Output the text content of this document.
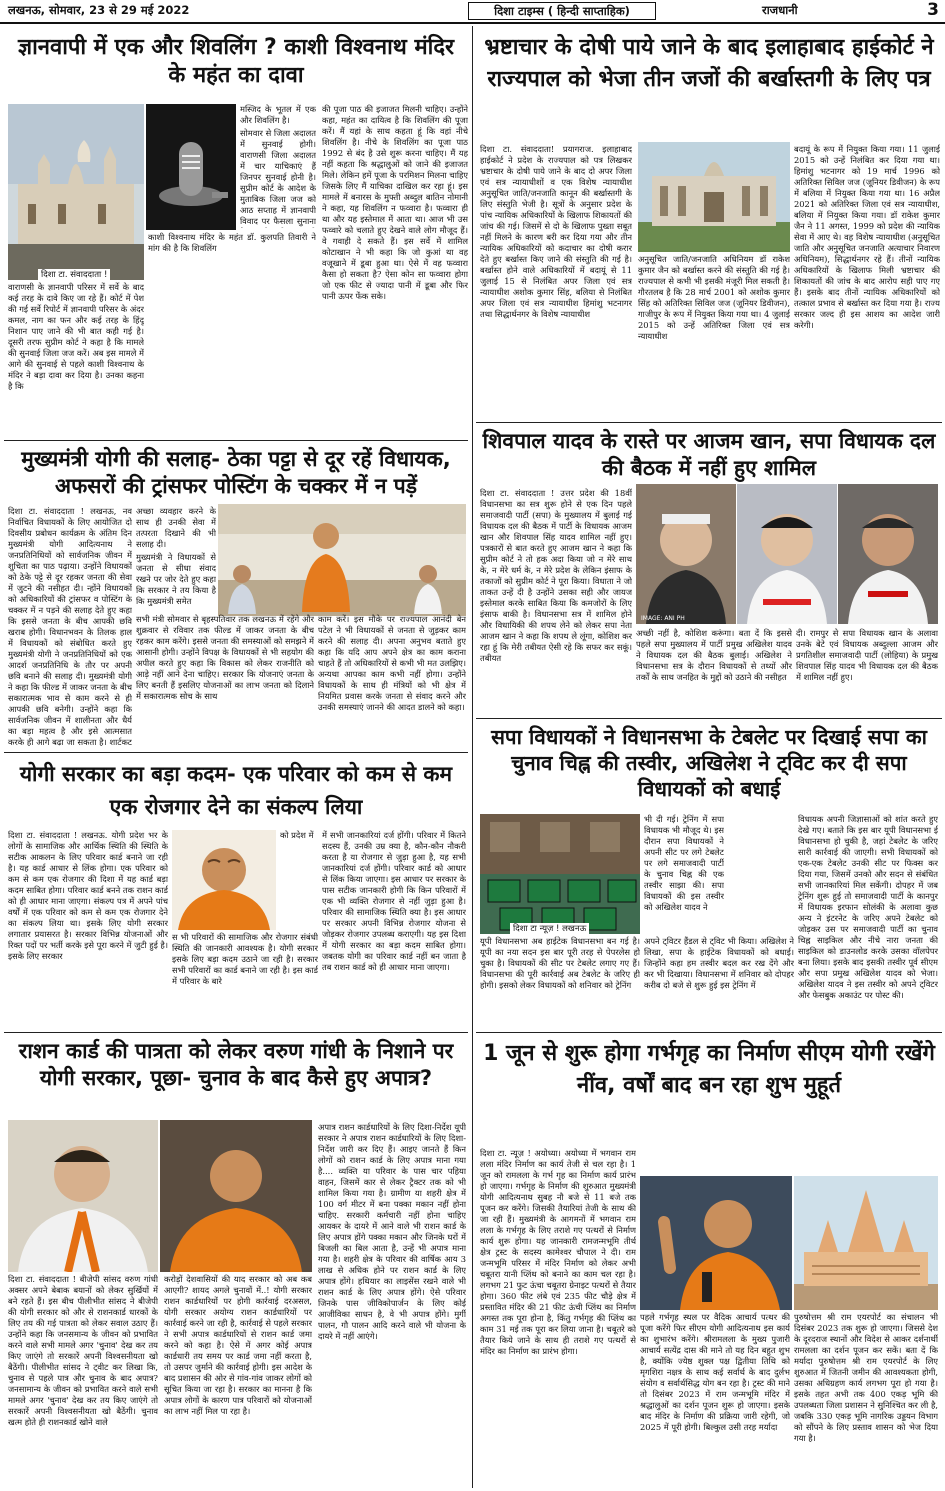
लखनऊ, सोमवार, 23 से 29 मई 2022	दिशा टाइम्स ( हिन्दी साप्ताहिक)	राजधानी	3
ज्ञानवापी में एक और शिवलिंग ? काशी विश्वनाथ मंदिर के महंत का दावा
दिशा टा. संवाददाता !
वाराणसी के ज्ञानवापी परिसर में सर्वे के बाद कई तरह के दावे किए जा रहे हैं। कोर्ट में पेश की गई सर्वे रिपोर्ट में ज्ञानवापी परिसर के अंदर कमल, नाग का फन और कई तरह के हिंदू निशान पाए जाने की भी बात कही गई है। दूसरी तरफ सुप्रीम कोर्ट ने कहा है कि मामले की सुनवाई जिला जज करें। अब इस मामले में आगे की सुनवाई से पहले काशी विश्वनाथ के मंदिर ने बड़ा दावा कर दिया है। उनका कहना है कि

मस्जिद के भूतल में एक और शिवलिंग है।

सोमवार से जिला अदालत में सुनवाई होगी। वाराणसी जिला अदालत में चार याचिकाएं हैं जिनपर सुनवाई होनी है। सुप्रीम कोर्ट के आदेश के मुताबिक जिला जज को आठ सप्ताह में ज्ञानवापी विवाद पर फैसला सुनाना

काशी विश्वनाथ मंदिर के महंत डॉ. कुलपति तिवारी ने मांग की है कि शिवलिंग

की पूजा पाठ की इजाजत मिलनी चाहिए। उन्होंने कहा, महंत का दायित्व है कि शिवलिंग की पूजा करें। मैं यहां के साथ कहता हूं कि वहां नीचे शिवलिंग है। नीचे के शिवलिंग का पूजा पाठ 1992 से बंद है उसे शुरू करना चाहिए। मैं यह नहीं कहता कि श्रद्धालुओं को जाने की इजाजत मिले। लेकिन हमें पूजा के परमिशन मिलना चाहिए जिसके लिए मैं याचिका दाखिल कर रहा हूं। इस मामले में बनारस के मुफ्ती अब्दुल बातिन नोमानी ने कहा, यह शिवलिंग न फव्वारा है। फव्वारा ही था और यह इस्तेमाल में आता था। आज भी उस फव्वारे को चलाते हुए देखने वाले लोग मौजूद हैं। वे गवाही दे सकते हैं। इस सर्वे में शामिल कोटाखान ने भी कहा कि जो कुआं था वह वजूखाने में डूबा हुआ था। ऐसे में वह फव्वारा कैसा हो सकता है? ऐसा कोन सा फव्वारा होगा जो एक फीट से ज्यादा पानी में डूबा और फिर पानी ऊपर फेंक सके।
भ्रष्टाचार के दोषी पाये जाने के बाद इलाहाबाद हाईकोर्ट ने राज्यपाल को भेजा तीन जजों की बर्खास्तगी के लिए पत्र
दिशा टा. संवाददाता! प्रयागराज. इलाहाबाद हाईकोर्ट ने प्रदेश के राज्यपाल को पत्र लिखकर भ्रष्टाचार के दोषी पाये जाने के बाद दो अपर जिला एवं सत्र न्यायाधीशों व एक विशेष न्यायाधीश अनुसूचित जाति/जनजाति कानून की बर्खास्तगी के लिए संस्तुति भेजी है। सूत्रों के अनुसार प्रदेश के पांच न्यायिक अधिकारियों के खिलाफ शिकायतों की जांच की गई। जिसमें से दो के खिलाफ पुख्ता सबूत नहीं मिलने के कारण बरी कर दिया गया और तीन न्यायिक अधिकारियों को कदाचार का दोषी करार देते हुए बर्खास्त किए जाने की संस्तुति की गई है। बर्खास्त होने वाले अधिकारियों में बदायूं से 11 जुलाई 15 से निलंबित अपर जिला एवं सत्र न्यायाधीश अशोक कुमार सिंह, बलिया से निलंबित अपर जिला एवं सत्र न्यायाधीश हिमांशु भटनागर तथा सिद्धार्थनगर के विशेष न्यायाधीश
अनुसूचित जाति/जनजाति अधिनियम डॉ राकेश कुमार जैन को बर्खास्त करने की संस्तुति की गई है। राज्यपाल से कभी भी इसकी मंजूरी मिल सकती है। गौरतलब है कि 28 मार्च 2001 को अशोक कुमार सिंह को अतिरिक्त सिविल जज (जूनियर डिवीजन), गाजीपुर के रूप में नियुक्त किया गया था। 4 जुलाई 2015 को उन्हें अतिरिक्त जिला एवं सत्र न्यायाधीश
बदायूं के रूप में नियुक्त किया गया। 11 जुलाई 2015 को उन्हें निलंबित कर दिया गया था। हिमांशु भटनागर को 19 मार्च 1996 को अतिरिक्त सिविल जज (जूनियर डिवीजन) के रूप में बलिया में नियुक्त किया गया था। 16 अप्रैल 2021 को अतिरिक्त जिला एवं सत्र न्यायाधीश, बलिया में नियुक्त किया गया। डॉ राकेश कुमार जैन ने 11 अगस्त, 1999 को प्रदेश की न्यायिक सेवा में आए थे। वह विशेष न्यायाधीश (अनुसूचित जाति और अनुसूचित जनजाति अत्याचार निवारण अधिनियम), सिद्धार्थनगर रहे हैं। तीनों न्यायिक अधिकारियों के खिलाफ मिली भ्रष्टाचार की शिकायतों की जांच के बाद आरोप सही पाए गए हैं। इसके बाद तीनों न्यायिक अधिकारियों को तत्काल प्रभाव से बर्खास्त कर दिया गया है। राज्य सरकार जल्द ही इस आशय का आदेश जारी करेगी।
मुख्यमंत्री योगी की सलाह- ठेका पट्टा से दूर रहें विधायक, अफसरों की ट्रांसफर पोस्टिंग के चक्कर में न पड़ें
दिशा टा. संवाददाता ! लखनऊ, नव निर्वाचित विधायकों के लिए आयोजित दो दिवसीय प्रबोधन कार्यक्रम के अंतिम दिन मुख्यमंत्री योगी आदित्यनाथ ने जनप्रतिनिधियों को सार्वजनिक जीवन में शुचिता का पाठ पढ़ाया। उन्होंने विधायकों को ठेके पट्टे से दूर रहकर जनता की सेवा में जुटने की नसीहत दी। न्होंने विधायकों को अधिकारियों की ट्रांसफर व पोस्टिंग के चक्कर में न पड़ने की सलाह देते हुए कहा कि इससे जनता के बीच आपकी छवि खराब होगी। विधानभवन के तिलक हाल में विधायकों को संबोधित करते हुए मुख्यमंत्री योगी ने जनप्रतिनिधियों को एक आदर्श जनप्रतिनिधि के तौर पर अपनी छवि बनाने की सलाह दी। मुख्यमंत्री योगी ने कहा कि फील्ड में जाकर जनता के बीच सकारात्मक भाव से काम करने से ही आपकी छवि बनेगी। उन्होंने कहा कि सार्वजनिक जीवन में शालीनता और धैर्य का बड़ा महत्व है और इसे आत्मसात करके ही आगे बढ़ा जा सकता है। शार्टकट

अच्छा व्यवहार करने के साथ ही उनकी सेवा में तत्परता दिखाने की भी सलाह दी।

मुख्यमंत्री ने विधायकों से जनता से सीधा संवाद रखने पर जोर देते हुए कहा कि सरकार ने तय किया है कि मुख्यमंत्री समेत

सभी मंत्री सोमवार से बृहस्पतिवार तक लखनऊ में रहेंगे और शुक्रवार से रविवार तक फील्ड में जाकर जनता के बीच रहकर काम करेंगे। इससे जनता की समस्याओं को समझने में आसानी होगी। उन्होंने विपक्ष के विधायकों से भी सहयोग की अपील करते हुए कहा कि विकास को लेकर राजनीति को आड़े नहीं आने देना चाहिए। सरकार कि योजनाएं जनता के लिए बनती हैं इसलिए योजनाओं का लाभ जनता को दिलाने में सकारात्मक सोच के साथ
काम करें। इस मौके पर राज्यपाल आनंदी बेन पटेल ने भी विधायकों से जनता से जुड़कर काम करने की सलाह दी। अपना अनुभव बताते हुए कहा कि यदि आप अपने क्षेत्र का काम कराना चाहते हैं तो अधिकारियों से कभी भी मत उलझिए। अन्यथा आपका काम कभी नहीं होगा। उन्होंने विधायकों के साथ ही मंत्रियों को भी क्षेत्र में नियमित प्रवास करके जनता से संवाद करने और उनकी समस्याएं जानने की आदत डालने को कहा।
शिवपाल यादव के रास्ते पर आजम खान, सपा विधायक दल की बैठक में नहीं हुए शामिल
दिशा टा. संवाददाता ! उत्तर प्रदेश की 18वीं विधानसभा का सत्र शुरू होने से एक दिन पहले समाजवादी पार्टी (सपा) के मुख्यालय में बुलाई गई विधायक दल की बैठक में पार्टी के विधायक आजम खान और शिवपाल सिंह यादव शामिल नहीं हुए। पत्रकारों से बात करते हुए आजम खान ने कहा कि सुप्रीम कोर्ट ने तो हक अदा किया जो न मेरे साथ के, न मेरे धर्म के, न मेरे प्रदेश के लेकिन इंसाफ के तकाजों को सुप्रीम कोर्ट ने पूरा किया। विधाता ने जो ताकत उन्हें दी है उन्होंने उसका सही और जायज इस्तेमाल करके साबित किया कि कमजोरों के लिए इंसाफ बाकी है। विधानसभा सत्र में शामिल होने और विधायिकी की शपथ लेने को लेकर सपा नेता आजम खान ने कहा कि शपथ ले लूंगा, कोशिश कर रहा हूं कि मेरी तबीयत ऐसी रहे कि सफर कर सकूं। तबीयत
IMAGE: ANI PH
अच्छी नहीं है, कोशिश करूंगा। बता दें कि इससे पहले सपा मुख्यालय में पार्टी प्रमुख अखिलेश यादव ने विधायक दल की बैठक बुलाई। अखिलेश ने विधानसभा सत्र के दौरान विधायकों से तथ्यों और तर्कों के साथ जनहित के मुद्दों को उठाने की नसीहत
दी। रामपुर से सपा विधायक खान के अलावा उनके बेटे एवं विधायक अब्दुल्ला आजम और प्रगतिशील समाजवादी पार्टी (लोहिया) के प्रमुख शिवपाल सिंह यादव भी विधायक दल की बैठक में शामिल नहीं हुए।
योगी सरकार का बड़ा कदम- एक परिवार को कम से कम एक रोजगार देने का संकल्प लिया
दिशा टा. संवाददाता ! लखनऊ. योगी प्रदेश भर के लोगों के सामाजिक और आर्थिक स्थिति की स्थिति के सटीक आकलन के लिए परिवार कार्ड बनाने जा रही है। यह कार्ड आधार से लिंक होगा। एक परिवार को कम से कम एक रोजगार की दिशा में यह कार्ड बड़ा कदम साबित होगा। परिवार कार्ड बनने तक राशन कार्ड को ही आधार माना जाएगा। संकल्प पत्र में अपने पांच वर्षों में एक परिवार को कम से कम एक रोजगार देने का संकल्प लिया था। इसके लिए योगी सरकार लगातार प्रयासरत है। सरकार विभिन्न योजनाओं और रिक्त पदों पर भर्ती करके इसे पूरा करने में जुटी हुई है। इसके लिए सरकार
को प्रदेश में
स भी परिवारों की सामाजिक और रोजगार संबंधी स्थिति की जानकारी आवश्यक है। योगी सरकार इसके लिए बड़ा कदम उठाने जा रही है। सरकार सभी परिवारों का कार्ड बनाने जा रही है। इस कार्ड में परिवार के बारे
में सभी जानकारियां दर्ज होंगी। परिवार में कितने सदस्य हैं, उनकी उम्र क्या है, कौन-कौन नौकरी करता है या रोजगार से जुड़ा हुआ है, यह सभी जानकारियां दर्ज होंगी। परिवार कार्ड को आधार से लिंक किया जाएगा। इस आधार पर सरकार के पास सटीक जानकारी होगी कि किन परिवारों में एक भी व्यक्ति रोजगार से नहीं जुड़ा हुआ है। परिवार की सामाजिक स्थिति क्या है। इस आधार पर सरकार अपनी विभिन्न रोजगार योजना से जोड़कर रोजगार उपलब्ध कराएगी। यह इस दिशा में योगी सरकार का बड़ा कदम साबित होगा। जबतक योगी का परिवार कार्ड नहीं बन जाता है तब राशन कार्ड को ही आधार माना जाएगा।
सपा विधायकों ने विधानसभा के टेबलेट पर दिखाई सपा का चुनाव चिह्न की तस्वीर, अखिलेश ने ट्विट कर दी सपा विधायकों को बधाई
दिशा टा न्यूज़ ! लखनऊ
भी दी गई। ट्रेनिंग में सपा विधायक भी मौजूद थे। इस दौरान सपा विधायकों ने अपनी सीट पर लगे टेबलेट पर लगे समाजवादी पार्टी के चुनाव चिह्न की एक तस्वीर साझा की। सपा विधायकों की इस तस्वीर को अखिलेश यादव ने
यूपी विधानसभा अब हाईटेक विधानसभा बन गई है। यूपी का नया सदन इस बार पूरी तरह से पेपरलेस हो चुका है। विधायकों की सीट पर टेबलेट लगाए गए हैं। विधानसभा की पूरी कार्रवाई अब टेबलेट के जरिए ही होगी। इसको लेकर विधायकों को शनिवार को ट्रेनिंग
अपने ट्विटर हैंडल से ट्विट भी किया। अखिलेश ने लिखा, सपा के हाईटेक विधायकों को बधाई। जिन्होंने कहा हम तस्वीर बदल कर रख देंगे और कर भी दिखाया। विधानसभा में शनिवार को दोपहर करीब दो बजे से शुरू हुई इस ट्रेनिंग में
विधायक अपनी जिज्ञासाओं को शांत करते हुए देखे गए। बताते कि इस बार यूपी विधानसभा ई विधानसभा हो चुकी है, जहां टेबलेट के जरिए सारी कार्रवाई की जाएगी। सभी विधायकों को एक-एक टेबलेट उनकी सीट पर फिक्स कर दिया गया, जिसमें उनको और सदन से संबंधित सभी जानकारियां मिल सकेंगी। दोपहर में जब ट्रेनिंग शुरू हुई तो समाजवादी पार्टी के कानपुर में विधायक इरफान सोलंकी के अलावा कुछ अन्य ने इंटरनेट के जरिए अपने टेबलेट को जोड़कर उस पर समाजवादी पार्टी का चुनाव चिह्न साइकिल और नीचे नारा जनता की साइकिल को डाउनलोड करके उसका वॉलपेपर बना लिया। इसके बाद इसकी तस्वीर पूर्व सीएम और सपा प्रमुख अखिलेश यादव को भेजा। अखिलेश यादव ने इस तस्वीर को अपने ट्विटर और फेसबुक अकाउंट पर पोस्ट की।
राशन कार्ड की पात्रता को लेकर वरुण गांधी के निशाने पर योगी सरकार, पूछा- चुनाव के बाद कैसे हुए अपात्र?
दिशा टा. संवाददाता ! बीजेपी सांसद वरुण गांधी अक्सर अपने बेबाक बयानों को लेकर सुर्खियों में बने रहते हैं। इस बीच पीलीभीत सांसद ने बीजेपी की योगी सरकार को और से राशनकार्ड धारकों के लिए तय की गई पात्रता को लेकर सवाल उठाए हैं। उन्होंने कहा कि जनसमान्य के जीवन को प्रभावित करने वाले सभी मामले अगर 'चुनाव' देख कर तय किए जाएंगे तो सरकारें अपनी विश्वसनीयता खो बैठेंगी। पीलीभीत सांसद ने ट्वीट कर लिखा कि, चुनाव से पहले पात्र और चुनाव के बाद अपात्र? जनसामान्य के जीवन को प्रभावित करने वाले सभी मामले अगर 'चुनाव' देख कर तय किए जाएंगे तो सरकारें अपनी विश्वसनीयता खो बैठेंगी। चुनाव खत्म होते ही राशनकार्ड खोने वाले
करोड़ों देशवासियों की याद सरकार को अब कब आएगी? शायद अगले चुनावों में..! योगी सरकार राशन कार्डधारियों पर होगी कार्रवाई दरअसल, योगी सरकार अयोग्य राशन कार्डधारियों पर कार्रवाई करने जा रही है, कार्रवाई से पहले सरकार ने सभी अपात्र कार्डधारियों से राशन कार्ड जमा करने को कहा है। ऐसे में अगर कोई अपात्र कार्डधारी तय समय पर कार्ड जमा नहीं करता है, तो उसपर जुर्माने की कार्रवाई होगी। इस आदेश के बाद प्रशासन की ओर से गांव-गांव जाकर लोगों को सूचित किया जा रहा है। सरकार का मानना है कि अपात्र लोगों के कारण पात्र परिवारों को योजनाओं का लाभ नहीं मिल पा रहा है।
अपात्र राशन कार्डधारियों के लिए दिशा-निर्देश यूपी सरकार ने अपात्र राशन कार्डधारियों के लिए दिशा-निर्देश जारी कर दिए हैं। आइए जानते हैं किन लोगों को राशन कार्ड के लिए अपात्र माना गया है.... व्यक्ति या परिवार के पास चार पहिया वाहन, जिसमें कार से लेकर ट्रैक्टर तक को भी शामिल किया गया है। ग्रामीण या शहरी क्षेत्र में 100 वर्ग मीटर में बना पक्का मकान नहीं होना चाहिए. सरकारी कर्मचारी नहीं होना चाहिए आयकर के दायरे में आने वाले भी राशन कार्ड के लिए अपात्र होंगे पक्का मकान और जिनके घरों में बिजली का बिल आता है, उन्हें भी अपात्र माना गया है। शहरी क्षेत्र के परिवार की वार्षिक आय 3 लाख से अधिक होने पर राशन कार्ड के लिए अपात्र होंगे। हथियार का लाइसेंस रखने वाले भी राशन कार्ड के लिए अपात्र होंगे। ऐसे परिवार जिनके पास जीविकोपार्जन के लिए कोई आजीविका साधन है, वे भी अपात्र होंगे। मुर्गी पालन, गौ पालन आदि करने वाले भी योजना के दायरे में नहीं आएंगे।
1 जून से शुरू होगा गर्भगृह का निर्माण सीएम योगी रखेंगे नींव, वर्षों बाद बन रहा शुभ मुहूर्त
दिशा टा. न्यूज़ ! अयोध्या। अयोध्या में भगवान राम लला मंदिर निर्माण का कार्य तेजी से चल रहा है। 1 जून को रामलला के गर्भ गृह का निर्माण कार्य प्रारंभ हो जाएगा। गर्भगृह के निर्माण की शुरुआत मुख्यमंत्री योगी आदित्यनाथ सुबह नौ बजे से 11 बजे तक पूजन कर करेंगे। जिसकी तैयारियां तेजी के साथ की जा रही हैं। मुख्यमंत्री के आगमनों में भगवान राम लला के गर्भगृह के लिए तराशे गए पत्थरों से निर्माण कार्य शुरू होगा। यह जानकारी रामजन्मभूमि तीर्थ क्षेत्र ट्रस्ट के सदस्य कामेश्वर चौपाल ने दी। राम जन्मभूमि परिसर में मंदिर निर्माण को लेकर अभी चबूतरा यानी प्लिंथ को बनाने का काम चल रहा है। लगभग 21 फुट ऊंचा चबूतरा ग्रेनाइट पत्थरों से तैयार होगा। 360 फीट लंबे एवं 235 फीट चौड़े क्षेत्र में प्रस्तावित मंदिर की 21 फीट ऊंची प्लिंथ का निर्माण अगस्त तक पूरा होना है, किंतु गर्भगृह की प्लिंथ का काम 31 मई तक पूरा कर लिया जाना है। चबूतरे को तैयार किये जाने के साथ ही तराशे गए पत्थरों से मंदिर का निर्माण का प्रारंभ होगा।
पहले गर्भगृह स्थल पर वैदिक आचार्य पत्थर की पूजा करेंगे फिर सीएम योगी आदित्यनाथ इस कार्य का शुभारंभ करेंगे। श्रीरामलला के मुख्य पुजारी आचार्य सत्येंद्र दास की माने तो यह दिन बहुत शुभ है, क्योंकि ज्येष्ठ शुक्ल पक्ष द्वितीया तिथि को मृगशिरा नक्षत्र के साथ कई सर्वार्थ के बाद दुर्लभ संयोग व सर्वार्थसिद्ध योग बन रहा है। ट्रस्ट की माने तो दिसंबर 2023 में राम जन्मभूमि मंदिर में श्रद्धालुओं का दर्शन पूजन शुरू हो जाएगा। इसके बाद मंदिर के निर्माण की प्रक्रिया जारी रहेगी, जो 2025 में पूरी होगी। बिल्कुल उसी तरह मर्यादा
पुरुषोत्तम श्री राम एयरपोर्ट का संचालन भी दिसंबर 2023 तक शुरू हो जाएगा। जिससे देश के दूरदराज स्थानों और विदेश से आकर दर्शनार्थी रामलला का दर्शन पूजन कर सकें। बता दें कि मर्यादा पुरुषोत्तम श्री राम एयरपोर्ट के लिए शुरुआत में जितनी जमीन की आवश्यकता होगी, उसका अधिग्रहण कार्य लगभग पूरा हो गया है। इसके तहत अभी तक 400 एकड़ भूमि की उपलब्धता जिला प्रशासन ने सुनिश्चित कर ली है, जबकि 330 एकड़ भूमि नागरिक उड्डयन विभाग को सौंपने के लिए प्रस्ताव शासन को भेज दिया गया है।
